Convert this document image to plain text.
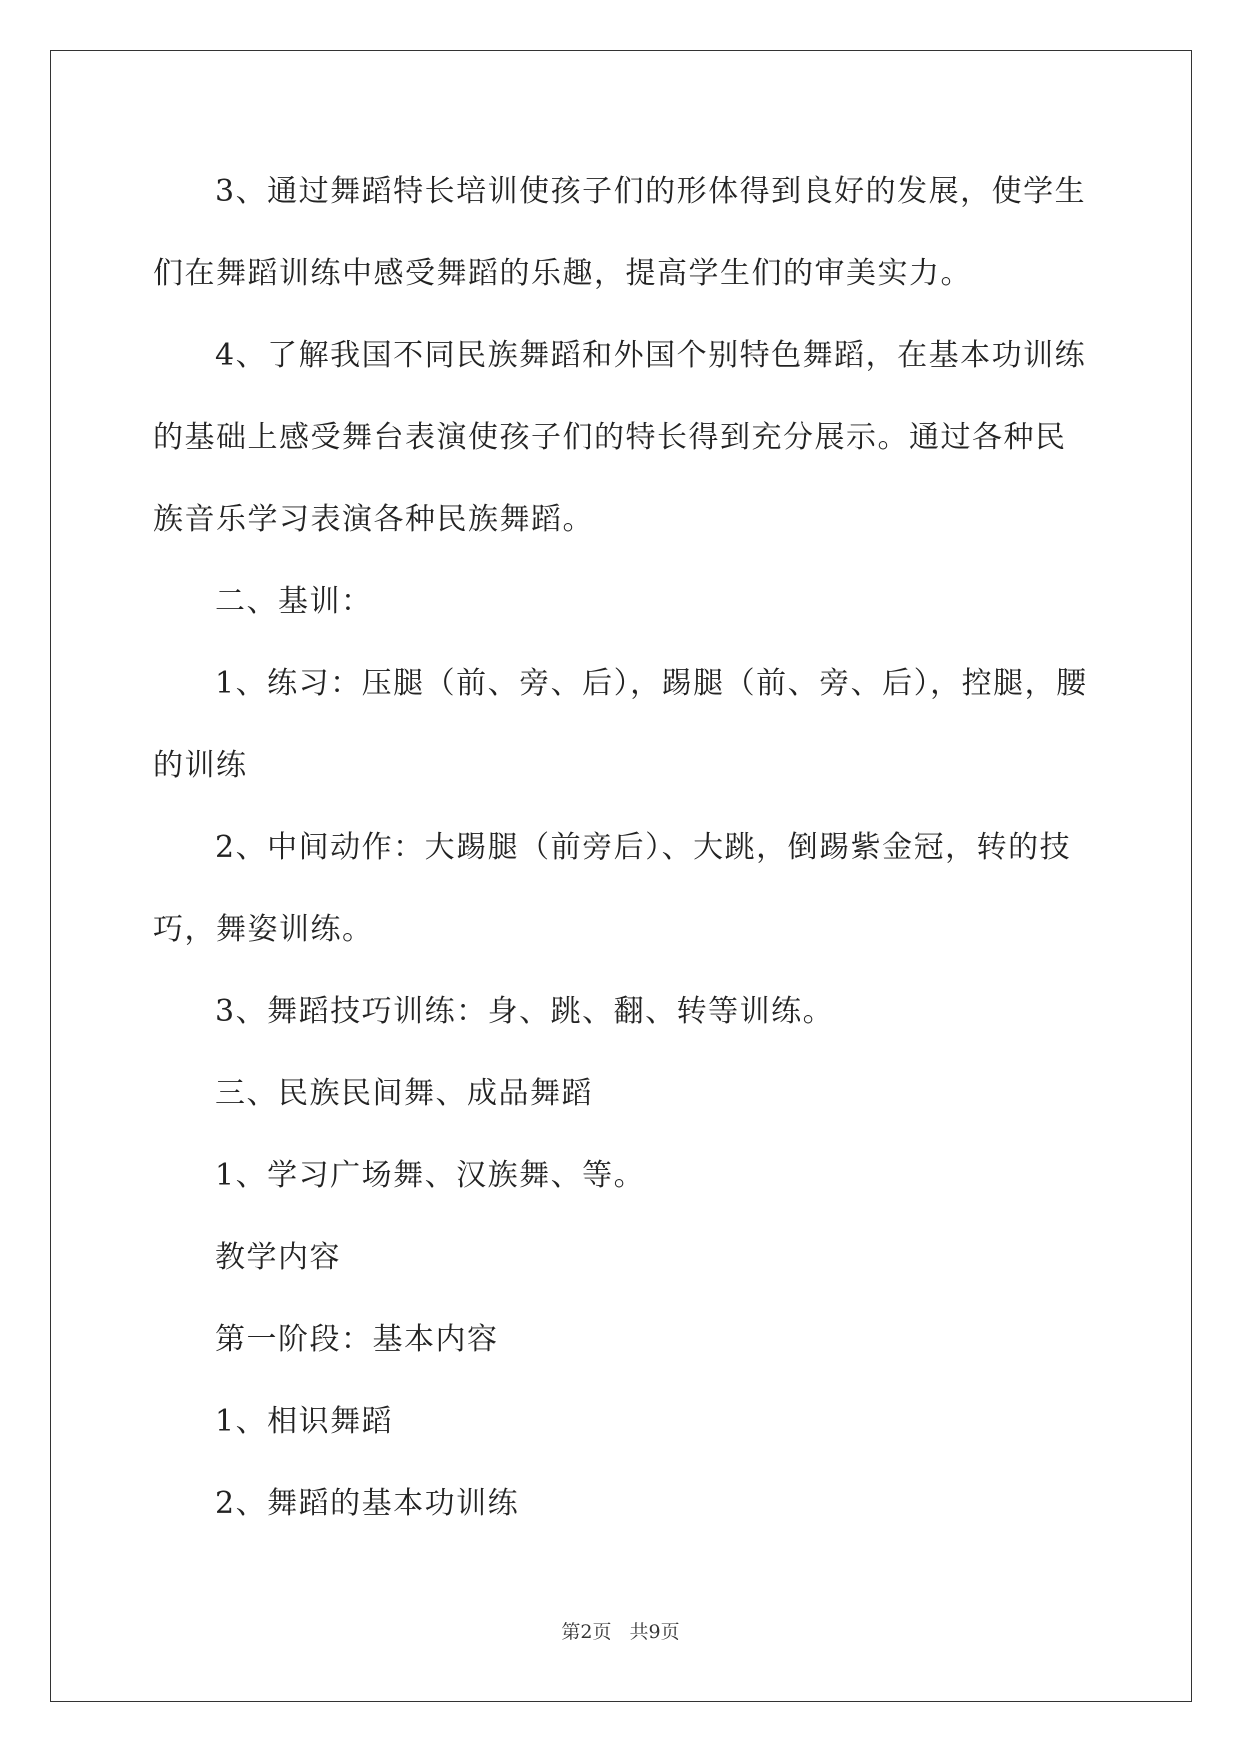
3、通过舞蹈特长培训使孩子们的形体得到良好的发展，使学生们在舞蹈训练中感受舞蹈的乐趣，提高学生们的审美实力。

4、了解我国不同民族舞蹈和外国个别特色舞蹈，在基本功训练的基础上感受舞台表演使孩子们的特长得到充分展示。通过各种民族音乐学习表演各种民族舞蹈。

二、基训：

1、练习：压腿（前、旁、后），踢腿（前、旁、后），控腿，腰的训练

2、中间动作：大踢腿（前旁后）、大跳，倒踢紫金冠，转的技巧，舞姿训练。

3、舞蹈技巧训练：身、跳、翻、转等训练。

三、民族民间舞、成品舞蹈

1、学习广场舞、汉族舞、等。

教学内容

第一阶段：基本内容

1、相识舞蹈

2、舞蹈的基本功训练

第2页 共9页
